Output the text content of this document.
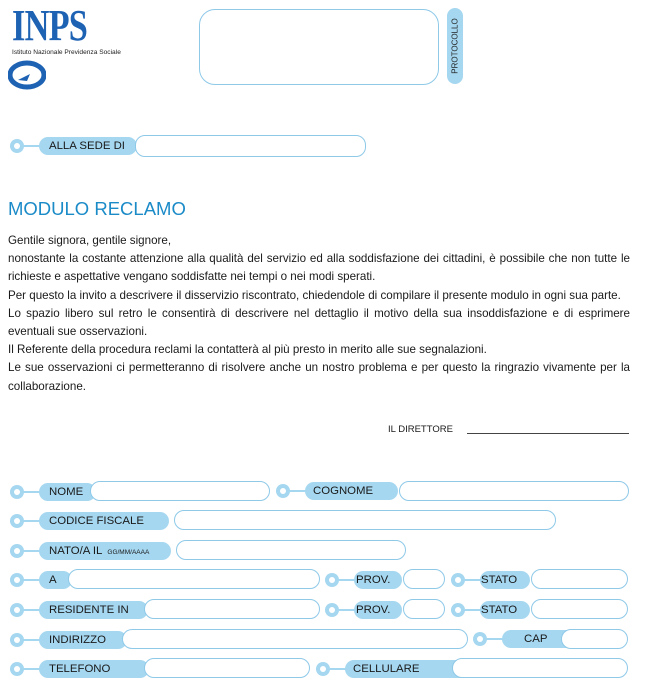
INPS
Istituto Nazionale Previdenza Sociale	PROTOCOLLO
ALLA SEDE DI
MODULO RECLAMO

Gentile signora, gentile signore,

nonostante la costante attenzione alla qualità del servizio ed alla soddisfazione dei cittadini, è possibile che non tutte le richieste e aspettative vengano soddisfatte nei tempi o nei modi sperati.

Per questo la invito a descrivere il disservizio riscontrato, chiedendole di compilare il presente modulo in ogni sua parte.

Lo spazio libero sul retro le consentirà di descrivere nel dettaglio il motivo della sua insoddisfazione e di esprimere eventuali sue osservazioni.

Il Referente della procedura reclami la contatterà al più presto in merito alle sue segnalazioni.

Le sue osservazioni ci permetteranno di risolvere anche un nostro problema e per questo la ringrazio vivamente per la collaborazione.

IL DIRETTORE
NOME	COGNOME
CODICE FISCALE
NATO/A IL GG/MM/AAAA
A	PROV.	STATO
RESIDENTE IN	PROV.	STATO
INDIRIZZO	CAP
TELEFONO	CELLULARE
